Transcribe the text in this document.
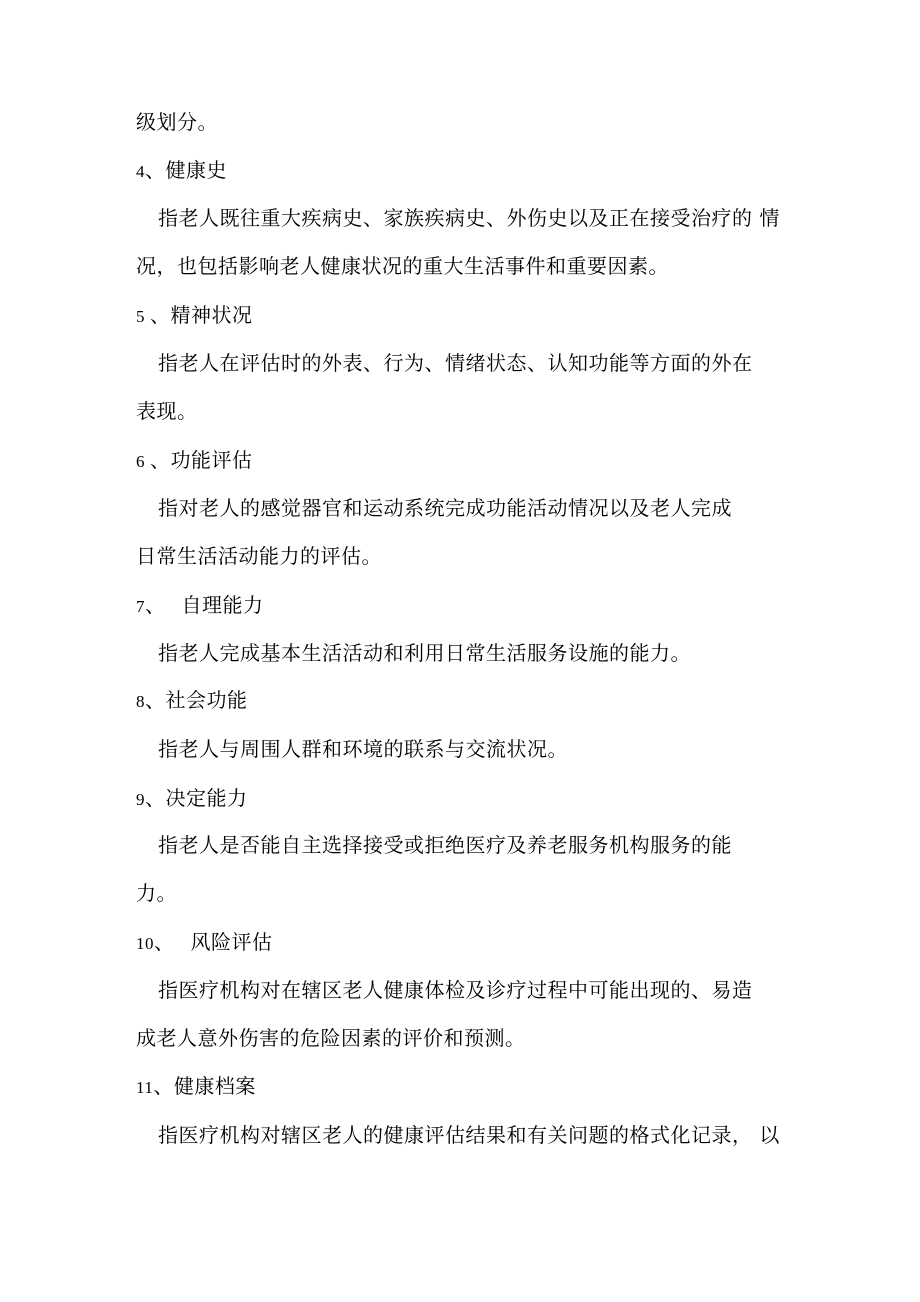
级划分。
4、健康史
指老人既往重大疾病史、家族疾病史、外伤史以及正在接受治疗的 情
况，也包括影响老人健康状况的重大生活事件和重要因素。
5 、精神状况
指老人在评估时的外表、行为、情绪状态、认知功能等方面的外在
表现。
6 、功能评估
指对老人的感觉器官和运动系统完成功能活动情况以及老人完成
日常生活活动能力的评估。
7、 自理能力
指老人完成基本生活活动和利用日常生活服务设施的能力。
8、社会功能
指老人与周围人群和环境的联系与交流状况。
9、决定能力
指老人是否能自主选择接受或拒绝医疗及养老服务机构服务的能
力。
10、 风险评估
指医疗机构对在辖区老人健康体检及诊疗过程中可能出现的、易造
成老人意外伤害的危险因素的评价和预测。
11、健康档案
指医疗机构对辖区老人的健康评估结果和有关问题的格式化记录， 以
